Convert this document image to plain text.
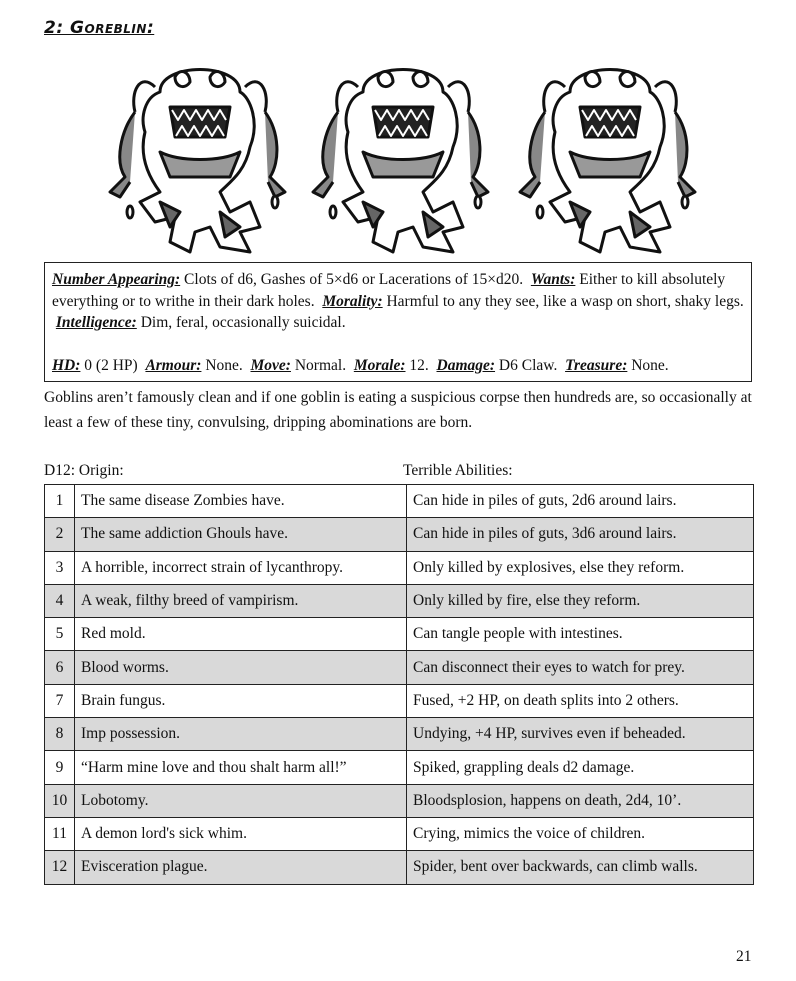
2: Goreblin:

Number Appearing: Clots of d6, Gashes of 5×d6 or Lacerations of 15×d20. Wants: Either to kill absolutely everything or to writhe in their dark holes. Morality: Harmful to any they see, like a wasp on short, shaky legs.  Intelligence: Dim, feral, occasionally suicidal.

HD: 0 (2 HP) Armour: None. Move: Normal. Morale: 12. Damage: D6 Claw. Treasure: None.

Goblins aren’t famously clean and if one goblin is eating a suspicious corpse then hundreds are, so occasionally at least a few of these tiny, convulsing, dripping abominations are born.
D12: Origin:	Terrible Abilities:
1	The same disease Zombies have.	Can hide in piles of guts, 2d6 around lairs.
2	The same addiction Ghouls have.	Can hide in piles of guts, 3d6 around lairs.
3	A horrible, incorrect strain of lycanthropy.	Only killed by explosives, else they reform.
4	A weak, filthy breed of vampirism.	Only killed by fire, else they reform.
5	Red mold.	Can tangle people with intestines.
6	Blood worms.	Can disconnect their eyes to watch for prey.
7	Brain fungus.	Fused, +2 HP, on death splits into 2 others.
8	Imp possession.	Undying, +4 HP, survives even if beheaded.
9	“Harm mine love and thou shalt harm all!”	Spiked, grappling deals d2 damage.
10	Lobotomy.	Bloodsplosion, happens on death, 2d4, 10’.
11	A demon lord's sick whim.	Crying, mimics the voice of children.
12	Evisceration plague.	Spider, bent over backwards, can climb walls.
21
